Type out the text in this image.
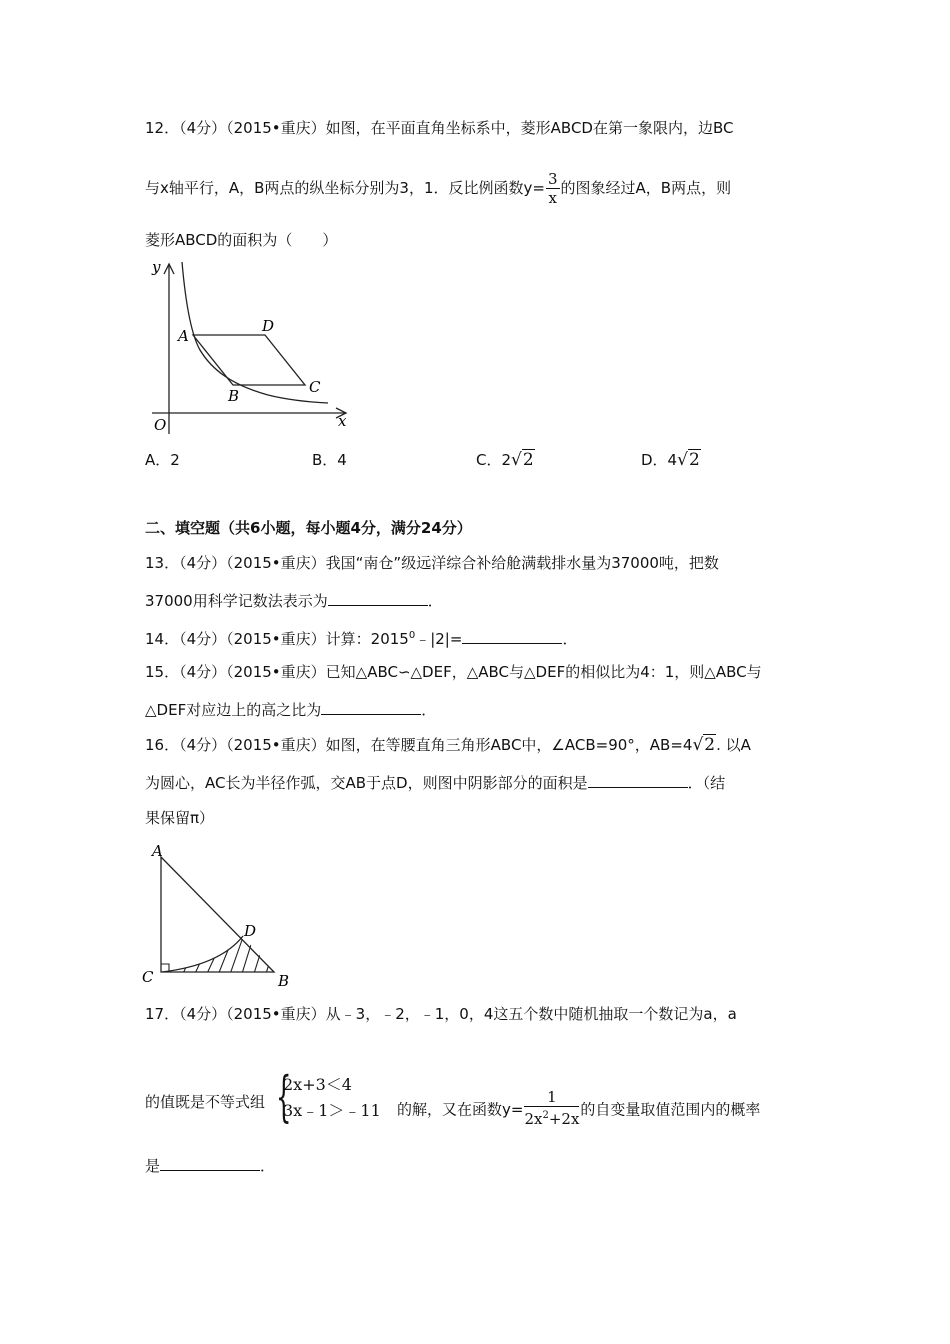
12．（4分）（2015•重庆）如图，在平面直角坐标系中，菱形ABCD在第一象限内，边BC
与x轴平行，A，B两点的纵坐标分别为3，1．反比例函数$y= \frac{3}{x}$ 的图象经过A，B两点，则
菱形ABCD的面积为（　　）
y
x
O
A
D
B	C
A．2	B．4	C．2√2	D．4√2
二、填空题（共6小题，每小题4分，满分24分）
13．（4分）（2015•重庆）我国“南仓”级远洋综合补给舱满载排水量为37000吨，把数
37000用科学记数法表示为	．
14．（4分）（2015•重庆）计算：$2015^0﹣|2|=$	．
15．（4分）（2015•重庆）已知△ABC∽△DEF，△ABC与△DEF的相似比为4：1，则△ABC与
△DEF对应边上的高之比为	．
16．（4分）（2015•重庆）如图，在等腰直角三角形ABC中，∠ACB=90°，AB=4√2. 以A
为圆心，AC长为半径作弧，交AB于点D，则图中阴影部分的面积是	．（结
果保留π）
A
B
C
D
17．（4分）（2015•重庆）从﹣3，﹣2，﹣1，0，4这五个数中随机抽取一个数记为a，a
的值既是不等式组 {
2x+3＜4
3x﹣1＞﹣11 的解，又在函数$y= \frac{1}{2x^2+2x}$ 的自变量取值范围内的概率
是	．
